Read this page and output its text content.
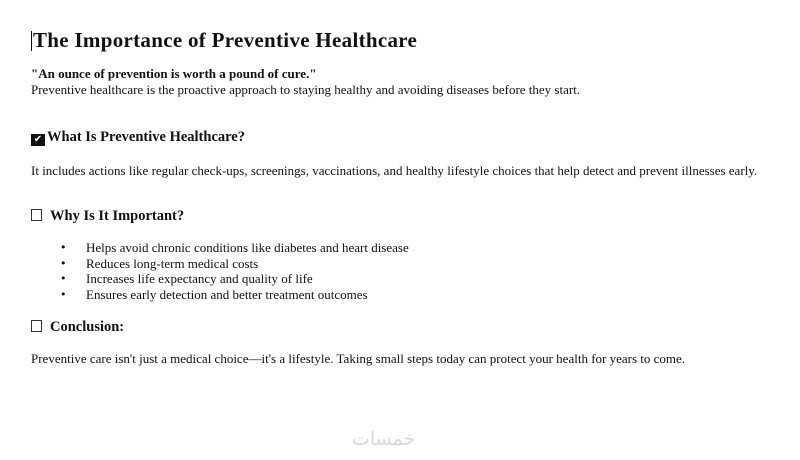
The Importance of Preventive Healthcare
"An ounce of prevention is worth a pound of cure."
Preventive healthcare is the proactive approach to staying healthy and avoiding diseases before they start.
✔ What Is Preventive Healthcare?
It includes actions like regular check-ups, screenings, vaccinations, and healthy lifestyle choices that help detect and prevent illnesses early.
Why Is It Important?
• Helps avoid chronic conditions like diabetes and heart disease
• Reduces long-term medical costs
• Increases life expectancy and quality of life
• Ensures early detection and better treatment outcomes
Conclusion:
Preventive care isn't just a medical choice—it's a lifestyle. Taking small steps today can protect your health for years to come.
خمسات
